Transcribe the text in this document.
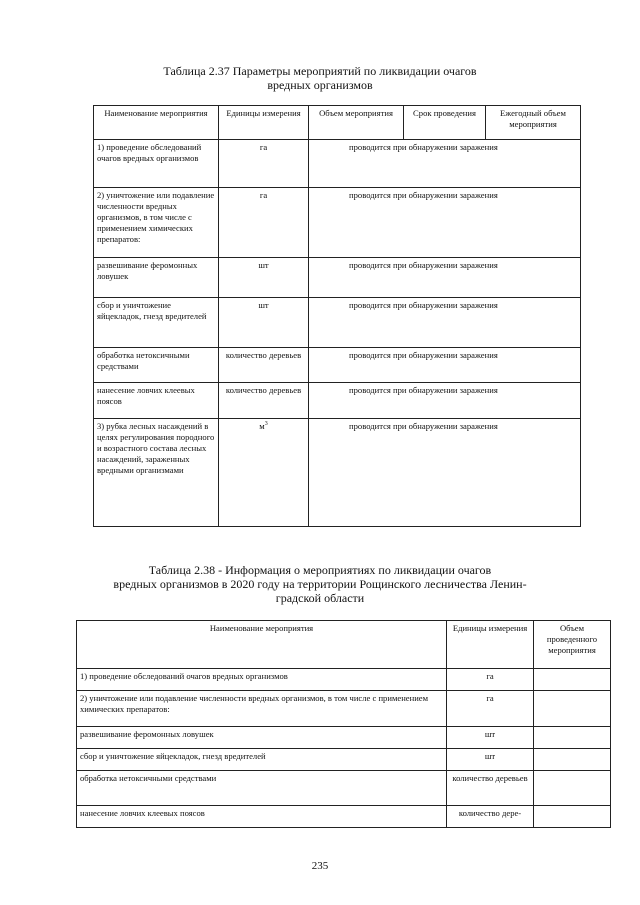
Таблица 2.37 Параметры мероприятий по ликвидации очагов
вредных организмов
Наименование мероприятия	Единицы измерения	Объем мероприятия	Срок проведения	Ежегодный объем мероприятия
1) проведение обследований очагов вредных организмов	га	проводится при обнаружении заражения		
2) уничтожение или подавление численности вредных организмов, в том числе с применением химических препаратов:	га	проводится при обнаружении заражения		
развешивание феромонных ловушек	шт	проводится при обнаружении заражения		
сбор и уничтожение яйцекладок, гнезд вредителей	шт	проводится при обнаружении заражения		
обработка нетоксичными средствами	количество деревьев	проводится при обнаружении заражения		
нанесение ловчих клеевых поясов	количество деревьев	проводится при обнаружении заражения		
3) рубка лесных насаждений в целях регулирования породного и возрастного состава лесных насаждений, зараженных вредными организмами	$м^3$	проводится при обнаружении заражения		
Таблица 2.38 - Информация о мероприятиях по ликвидации очагов
вредных организмов в 2020 году на территории Рощинского лесничества Ленин-
градской области
Наименование мероприятия	Единицы измерения	Объем проведенного мероприятия
1) проведение обследований очагов вредных организмов	га	
2) уничтожение или подавление численности вредных организмов, в том числе с применением химических препаратов:	га	
развешивание феромонных ловушек	шт	
сбор и уничтожение яйцекладок, гнезд вредителей	шт	
обработка нетоксичными средствами	количество деревьев	
нанесение ловчих клеевых поясов	количество дере-	
235
